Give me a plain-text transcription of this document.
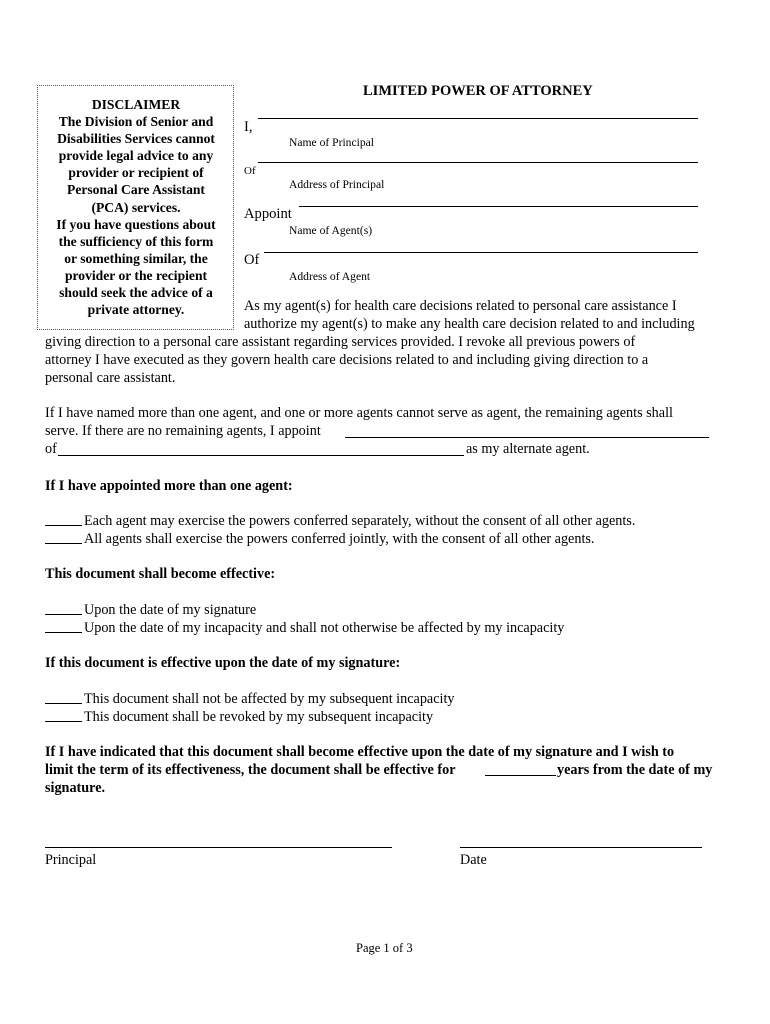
DISCLAIMER
The Division of Senior and
Disabilities Services cannot
provide legal advice to any
provider or recipient of
Personal Care Assistant
(PCA) services.
If you have questions about
the sufficiency of this form
or something similar, the
provider or the recipient
should seek the advice of a
private attorney.
LIMITED POWER OF ATTORNEY
I,
Name of Principal
Of
Address of Principal
Appoint
Name of Agent(s)
Of
Address of Agent
As my agent(s) for health care decisions related to personal care assistance I
authorize my agent(s) to make any health care decision related to and including
giving direction to a personal care assistant regarding services provided. I revoke all previous powers of
attorney I have executed as they govern health care decisions related to and including giving direction to a
personal care assistant.
If I have named more than one agent, and one or more agents cannot serve as agent, the remaining agents shall
serve. If there are no remaining agents, I appoint
of	as my alternate agent.
If I have appointed more than one agent:
Each agent may exercise the powers conferred separately, without the consent of all other agents.
All agents shall exercise the powers conferred jointly, with the consent of all other agents.
This document shall become effective:
Upon the date of my signature
Upon the date of my incapacity and shall not otherwise be affected by my incapacity
If this document is effective upon the date of my signature:
This document shall not be affected by my subsequent incapacity
This document shall be revoked by my subsequent incapacity
If I have indicated that this document shall become effective upon the date of my signature and I wish to
limit the term of its effectiveness, the document shall be effective for	years from the date of my
signature.
Principal	Date
Page 1 of 3
